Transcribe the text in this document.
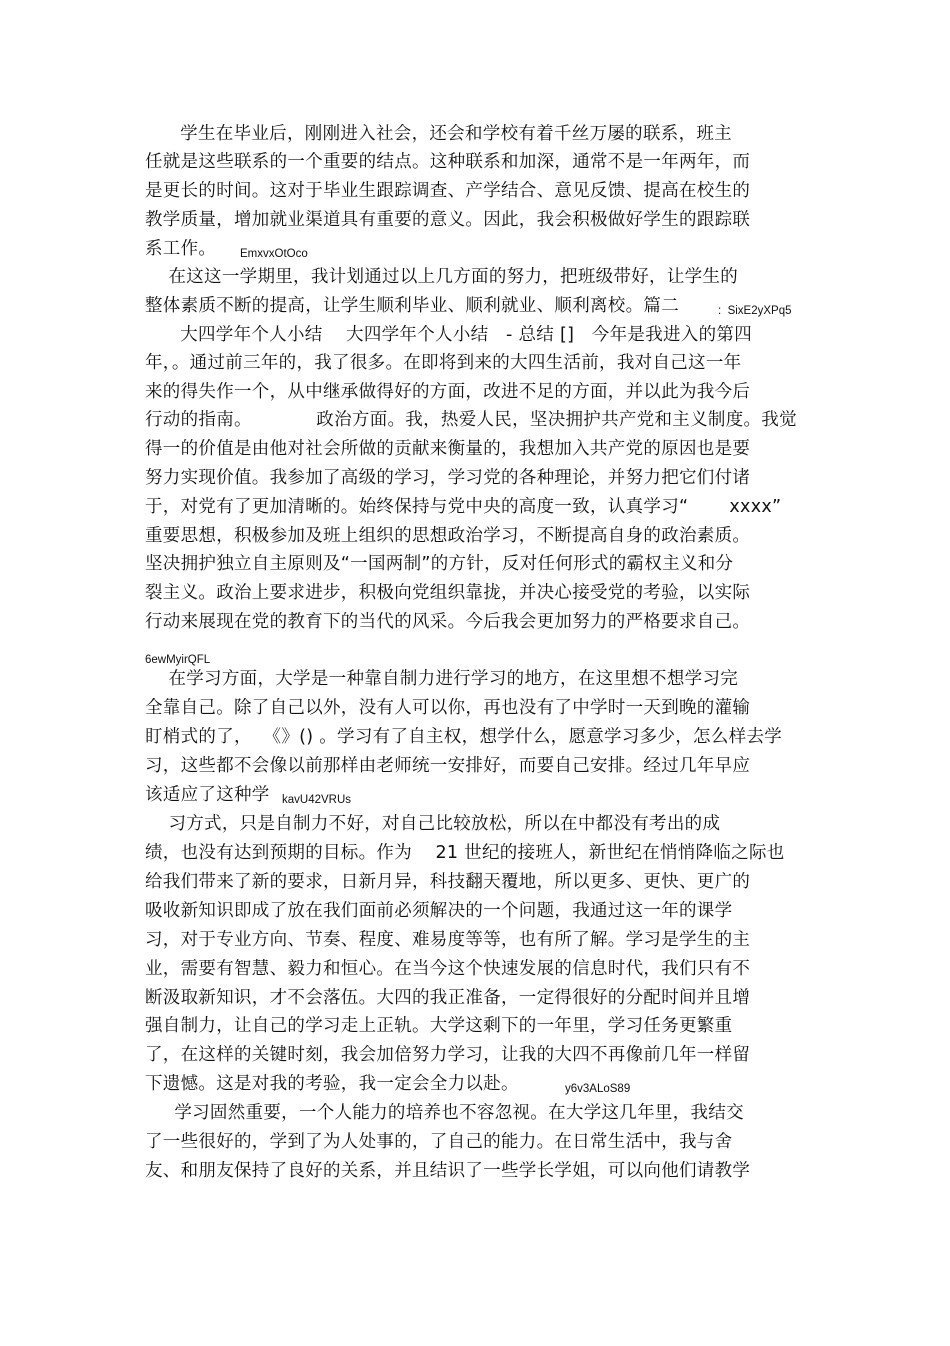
学生在毕业后，刚刚进入社会，还会和学校有着千丝万屡的联系，班主
任就是这些联系的一个重要的结点。这种联系和加深，通常不是一年两年，而
是更长的时间。这对于毕业生跟踪调查、产学结合、意见反馈、提高在校生的
教学质量，增加就业渠道具有重要的意义。因此，我会积极做好学生的跟踪联
系工作。 EmxvxOtOco
在这这一学期里，我计划通过以上几方面的努力，把班级带好，让学生的
整体素质不断的提高，让学生顺利毕业、顺利就业、顺利离校。篇二	:  SixE2yXPq5
大四学年个人小结    大四学年个人小结   - 总结 []   今年是我进入的第四
年，。通过前三年的，我了很多。在即将到来的大四生活前，我对自己这一年
来的得失作一个，从中继承做得好的方面，改进不足的方面，并以此为我今后
行动的指南。           政治方面。我，热爱人民，坚决拥护共产党和主义制度。我觉
得一的价值是由他对社会所做的贡献来衡量的，我想加入共产党的原因也是要
努力实现价值。我参加了高级的学习，学习党的各种理论，并努力把它们付诸
于，对党有了更加清晰的。始终保持与党中央的高度一致，认真学习“       xxxx”
重要思想，积极参加及班上组织的思想政治学习，不断提高自身的政治素质。
坚决拥护独立自主原则及“一国两制”的方针，反对任何形式的霸权主义和分
裂主义。政治上要求进步，积极向党组织靠拢，并决心接受党的考验，以实际
行动来展现在党的教育下的当代的风采。今后我会更加努力的严格要求自己。
6ewMyirQFL
在学习方面，大学是一种靠自制力进行学习的地方，在这里想不想学习完
全靠自己。除了自己以外，没有人可以你，再也没有了中学时一天到晚的灌输
盯梢式的了，  《》() 。学习有了自主权，想学什么，愿意学习多少，怎么样去学
习，这些都不会像以前那样由老师统一安排好，而要自己安排。经过几年早应
该适应了这种学 kavU42VRUs
习方式，只是自制力不好，对自己比较放松，所以在中都没有考出的成
绩，也没有达到预期的目标。作为    21 世纪的接班人，新世纪在悄悄降临之际也
给我们带来了新的要求，日新月异，科技翻天覆地，所以更多、更快、更广的
吸收新知识即成了放在我们面前必须解决的一个问题，我通过这一年的课学
习，对于专业方向、节奏、程度、难易度等等，也有所了解。学习是学生的主
业，需要有智慧、毅力和恒心。在当今这个快速发展的信息时代，我们只有不
断汲取新知识，才不会落伍。大四的我正准备，一定得很好的分配时间并且增
强自制力，让自己的学习走上正轨。大学这剩下的一年里，学习任务更繁重
了，在这样的关键时刻，我会加倍努力学习，让我的大四不再像前几年一样留
下遗憾。这是对我的考验，我一定会全力以赴。	y6v3ALoS89
学习固然重要，一个人能力的培养也不容忽视。在大学这几年里，我结交
了一些很好的，学到了为人处事的，了自己的能力。在日常生活中，我与舍
友、和朋友保持了良好的关系，并且结识了一些学长学姐，可以向他们请教学
